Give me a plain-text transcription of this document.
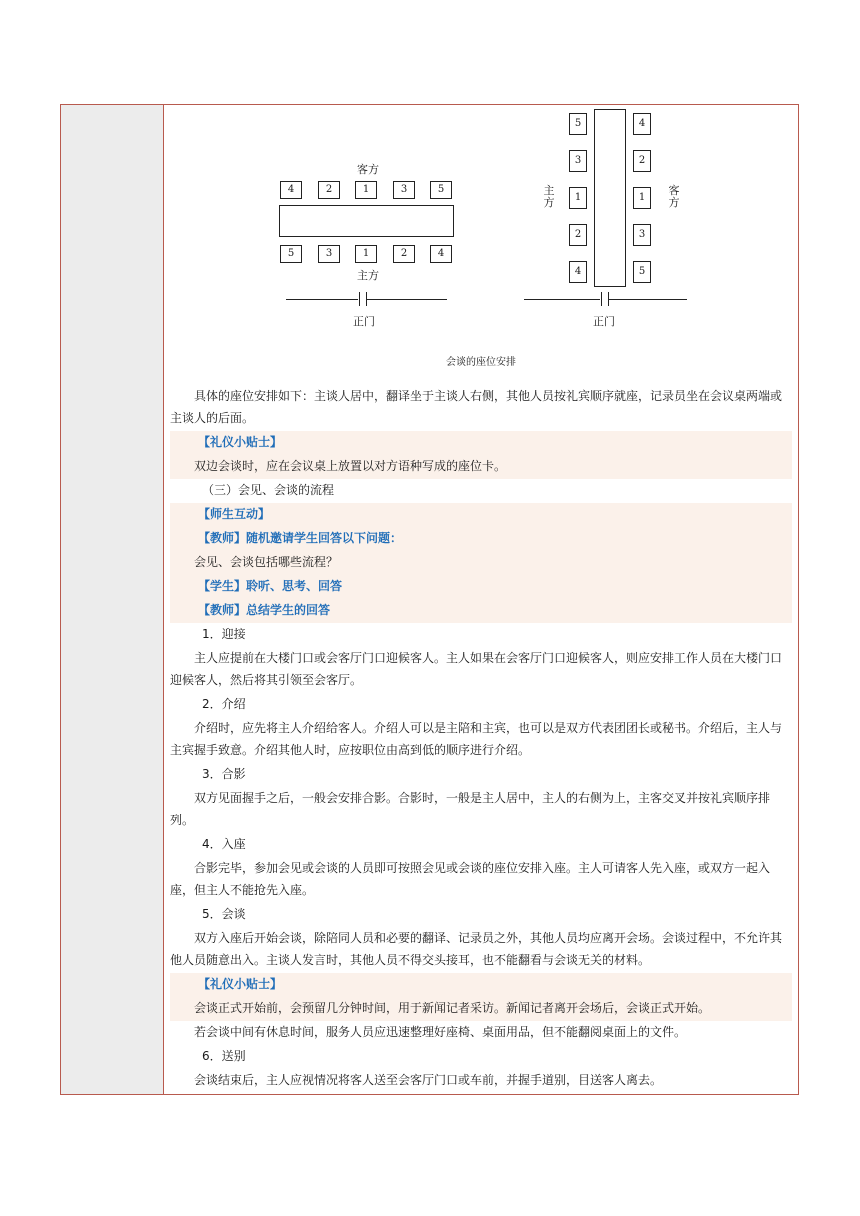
客方
4	2	1	3	5
5	3	1	2	4
主方
正门
5
3
1
2
4
4
2
1
3
5
主方
客方
正门
会谈的座位安排
具体的座位安排如下：主谈人居中，翻译坐于主谈人右侧，其他人员按礼宾顺序就座，记录员坐在会议桌两端或主谈人的后面。
【礼仪小贴士】
双边会谈时，应在会议桌上放置以对方语种写成的座位卡。
（三）会见、会谈的流程
【师生互动】
【教师】随机邀请学生回答以下问题：
会见、会谈包括哪些流程？
【学生】聆听、思考、回答
【教师】总结学生的回答
1．迎接
主人应提前在大楼门口或会客厅门口迎候客人。主人如果在会客厅门口迎候客人，则应安排工作人员在大楼门口迎候客人，然后将其引领至会客厅。
2．介绍
介绍时，应先将主人介绍给客人。介绍人可以是主陪和主宾，也可以是双方代表团团长或秘书。介绍后，主人与主宾握手致意。介绍其他人时，应按职位由高到低的顺序进行介绍。
3．合影
双方见面握手之后，一般会安排合影。合影时，一般是主人居中，主人的右侧为上，主客交叉并按礼宾顺序排列。
4．入座
合影完毕，参加会见或会谈的人员即可按照会见或会谈的座位安排入座。主人可请客人先入座，或双方一起入座，但主人不能抢先入座。
5．会谈
双方入座后开始会谈，除陪同人员和必要的翻译、记录员之外，其他人员均应离开会场。会谈过程中，不允许其他人员随意出入。主谈人发言时，其他人员不得交头接耳，也不能翻看与会谈无关的材料。
【礼仪小贴士】
会谈正式开始前，会预留几分钟时间，用于新闻记者采访。新闻记者离开会场后，会谈正式开始。
若会谈中间有休息时间，服务人员应迅速整理好座椅、桌面用品，但不能翻阅桌面上的文件。
6．送别
会谈结束后，主人应视情况将客人送至会客厅门口或车前，并握手道别，目送客人离去。
